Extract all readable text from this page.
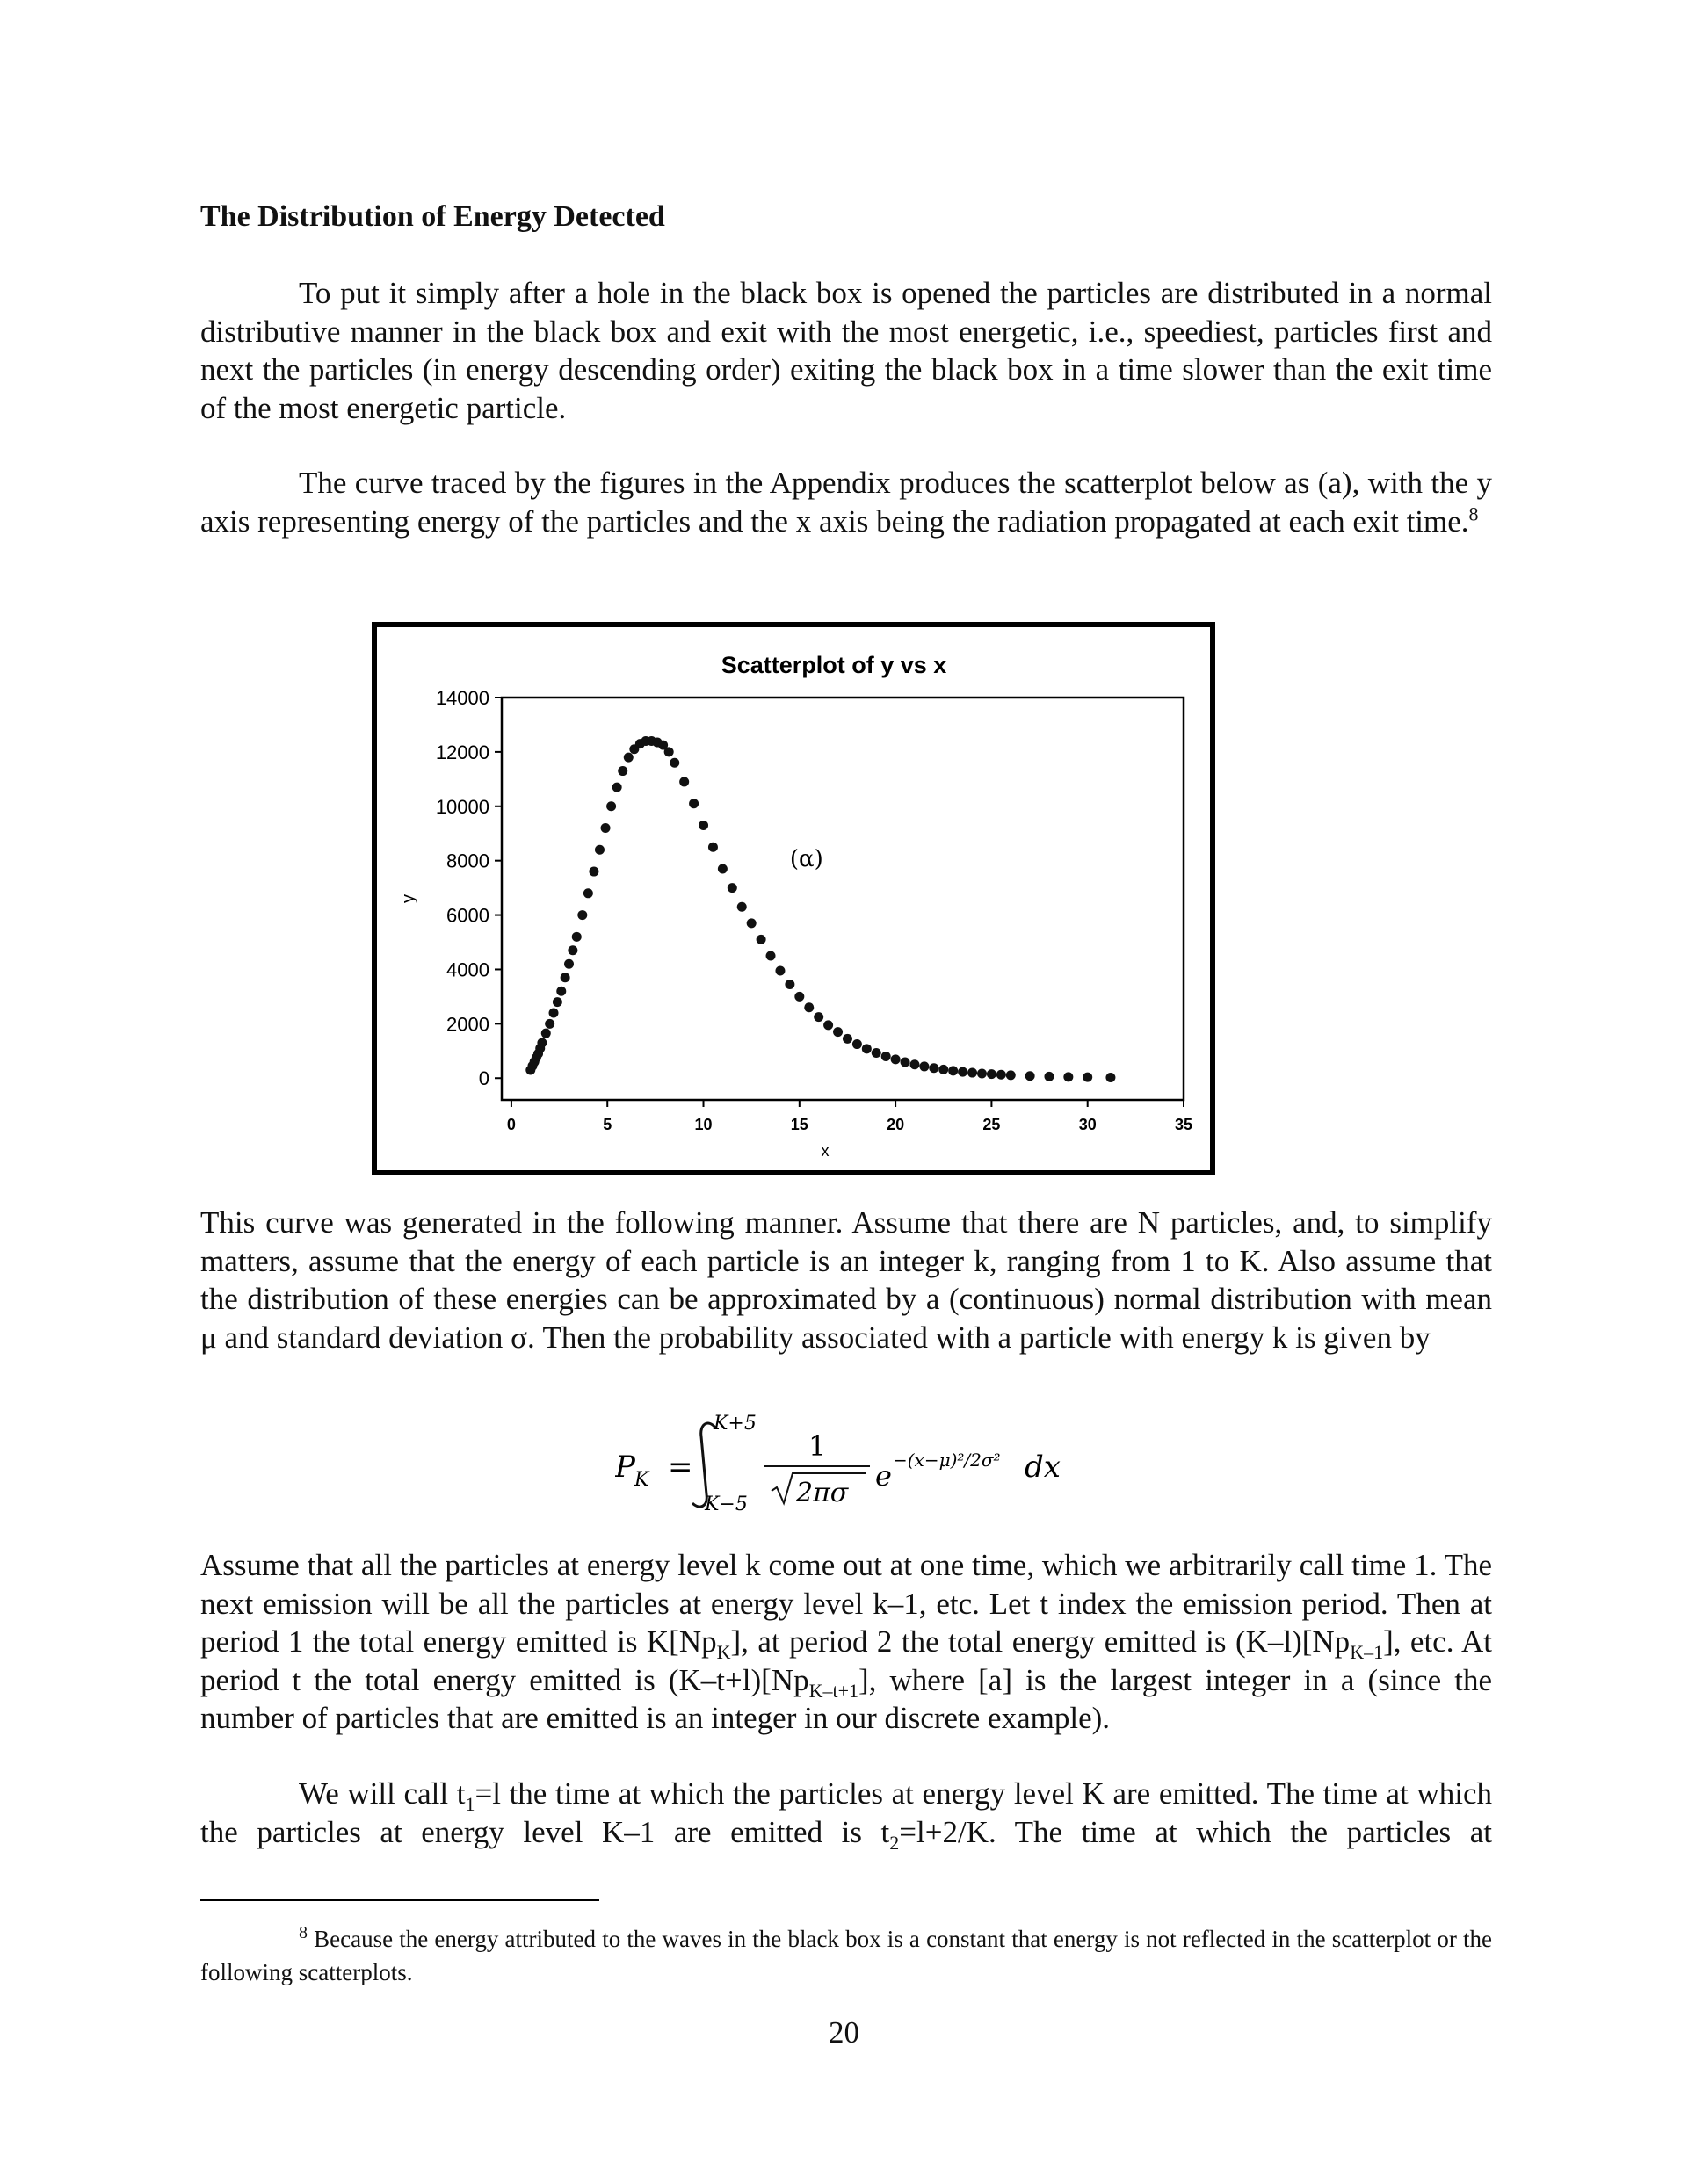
The Distribution of Energy Detected
To put it simply after a hole in the black box is opened the particles are distributed in a normal distributive manner in the black box and exit with the most energetic, i.e., speediest, particles first and next the particles (in energy descending order) exiting the black box in a time slower than the exit time of the most energetic particle.
The curve traced by the figures in the Appendix produces the scatterplot below as (a), with the y axis representing energy of the particles and the x axis being the radiation propagated at each exit time.$^8$
Scatterplot of y vs x
0
2000
4000
6000
8000
10000
12000
14000
0	5	10	15	20	25	30	35
x
y
(α)
This curve was generated in the following manner. Assume that there are N particles, and, to simplify matters, assume that the energy of each particle is an integer k, ranging from 1 to K. Also assume that the distribution of these energies can be approximated by a (continuous) normal distribution with mean μ and standard deviation σ. Then the probability associated with a particle with energy k is given by
P K =
K+5
K−5
1
2πσ
e −(x−μ)²/2σ² dx
Assume that all the particles at energy level k come out at one time, which we arbitrarily call time 1. The next emission will be all the particles at energy level k–1, etc. Let t index the emission period. Then at period 1 the total energy emitted is $K[Np_K]$, at period 2 the total energy emitted is $(K-l)[Np_{K-1}]$, etc. At period t the total energy emitted is $(K-t+l)[Np_{K-t+1}]$, where [a] is the largest integer in a (since the number of particles that are emitted is an integer in our discrete example).
We will call $t_1=l$ the time at which the particles at energy level K are emitted. The time at which the particles at energy level K–1 are emitted is $t_2=l+2/K$. The time at which the particles at
$^8$ Because the energy attributed to the waves in the black box is a constant that energy is not reflected in the scatterplot or the following scatterplots.
20
